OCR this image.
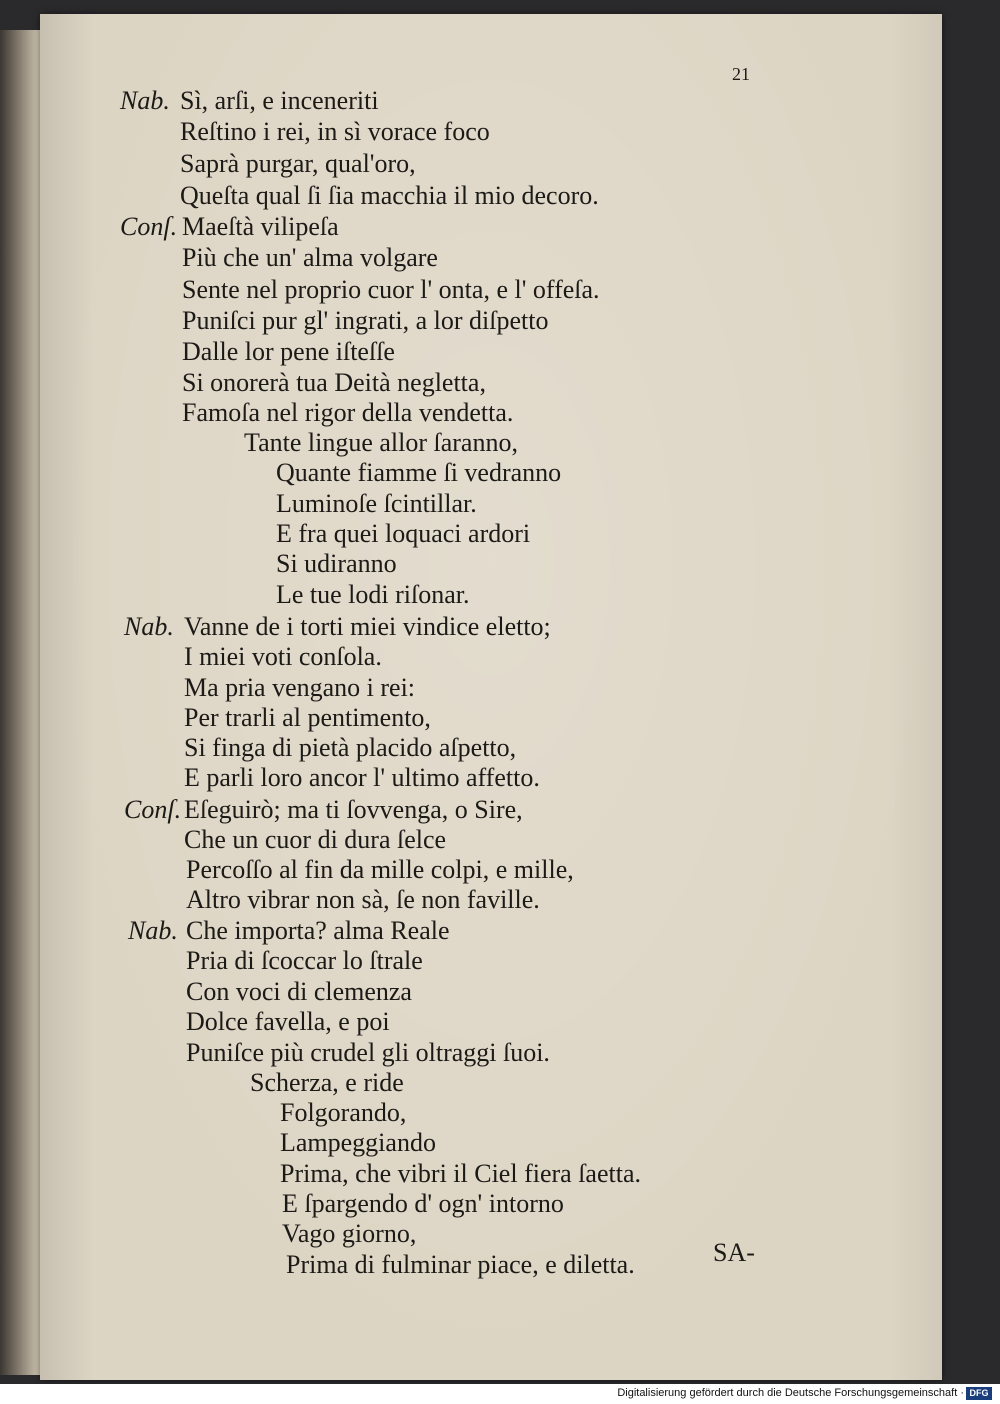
21
Nab.
Conſ.
Nab.
Conſ.
Nab.
Sì, arſi, e inceneriti
Reſtino i rei, in sì vorace foco
Saprà purgar, qual'oro,
Queſta qual ſi ſia macchia il mio decoro.
Maeſtà vilipeſa
Più che un' alma volgare
Sente nel proprio cuor l' onta, e l' offeſa.
Puniſci pur gl' ingrati, a lor diſpetto
Dalle lor pene iſteſſe
Si onorerà tua Deità negletta,
Famoſa nel rigor della vendetta.
Tante lingue allor ſaranno,
Quante fiamme ſi vedranno
Luminoſe ſcintillar.
E fra quei loquaci ardori
Si udiranno
Le tue lodi riſonar.
Vanne de i torti miei vindice eletto;
I miei voti conſola.
Ma pria vengano i rei:
Per trarli al pentimento,
Si finga di pietà placido aſpetto,
E parli loro ancor l' ultimo affetto.
Eſeguirò; ma ti ſovvenga, o Sire,
Che un cuor di dura ſelce
Percoſſo al fin da mille colpi, e mille,
Altro vibrar non sà, ſe non faville.
Che importa? alma Reale
Pria di ſcoccar lo ſtrale
Con voci di clemenza
Dolce favella, e poi
Puniſce più crudel gli oltraggi ſuoi.
Scherza, e ride
Folgorando,
Lampeggiando
Prima, che vibri il Ciel fiera ſaetta.
E ſpargendo d' ogn' intorno
Vago giorno,
Prima di fulminar piace, e diletta.	SA-
Digitalisierung gefördert durch die Deutsche Forschungsgemeinschaft · DFG
